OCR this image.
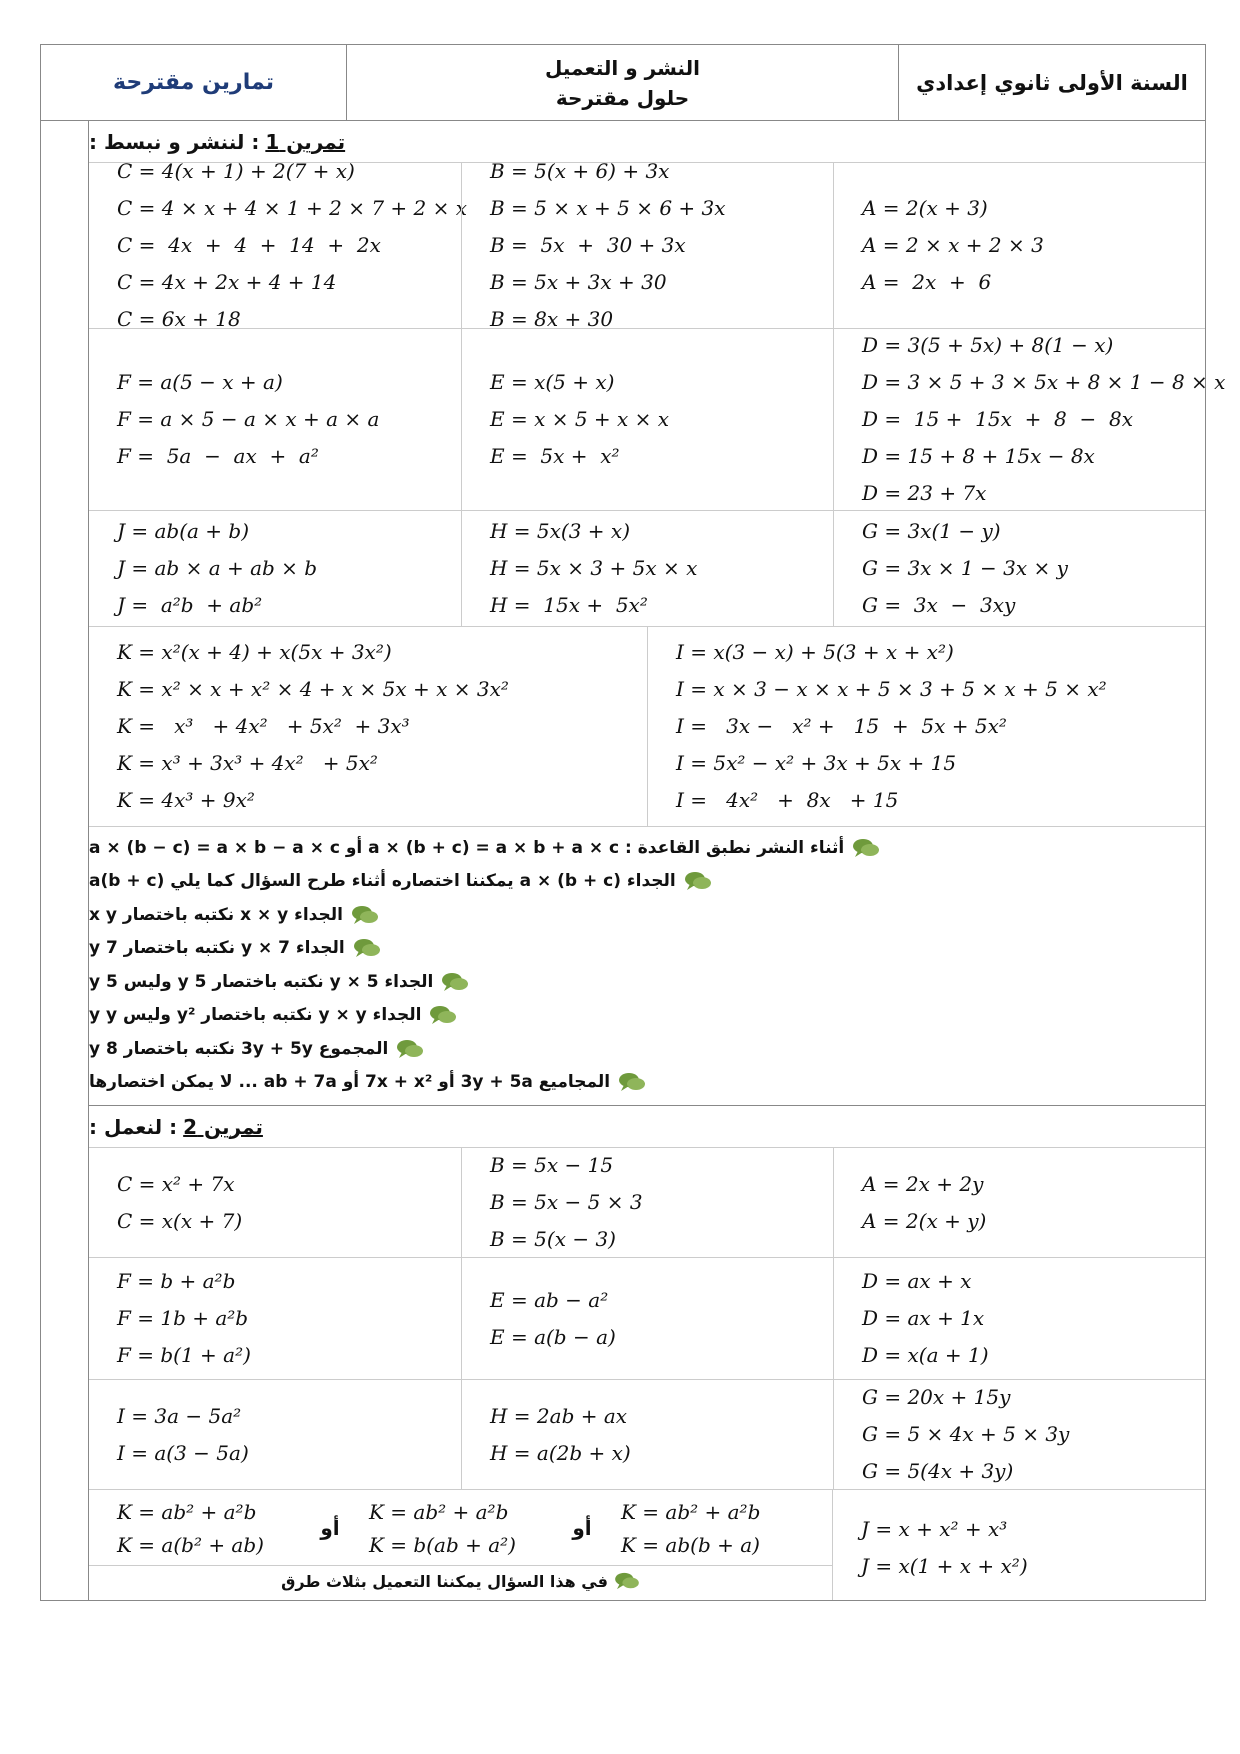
تمارين مقترحة
النشر و التعميل
حلول مقترحة
السنة الأولى ثانوي إعدادي
تمرين 1
: لننشر و نبسط :
C = 4(x + 1) + 2(7 + x)
C = 4 × x + 4 × 1 + 2 × 7 + 2 × x
C =  4x  +  4  +  14  +  2x
C = 4x + 2x + 4 + 14
C = 6x + 18
B = 5(x + 6) + 3x
B = 5 × x + 5 × 6 + 3x
B =  5x  +  30 + 3x
B = 5x + 3x + 30
B = 8x + 30
A = 2(x + 3)
A = 2 × x + 2 × 3
A =  2x  +  6
F = a(5 − x + a)
F = a × 5 − a × x + a × a
F =  5a  −  ax  +  a²
E = x(5 + x)
E = x × 5 + x × x
E =  5x +  x²
D = 3(5 + 5x) + 8(1 − x)
D = 3 × 5 + 3 × 5x + 8 × 1 − 8 × x
D =  15 +  15x  +  8  −  8x
D = 15 + 8 + 15x − 8x
D = 23 + 7x
J = ab(a + b)
J = ab × a + ab × b
J =  a²b  + ab²
H = 5x(3 + x)
H = 5x × 3 + 5x × x
H =  15x +  5x²
G = 3x(1 − y)
G = 3x × 1 − 3x × y
G =  3x  −  3xy
K = x²(x + 4) + x(5x + 3x²)
K = x² × x + x² × 4 + x × 5x + x × 3x²
K =   x³   + 4x²   + 5x²  + 3x³
K = x³ + 3x³ + 4x²   + 5x²
K = 4x³ + 9x²
I = x(3 − x) + 5(3 + x + x²)
I = x × 3 − x × x + 5 × 3 + 5 × x + 5 × x²
I =   3x −   x² +   15  +  5x + 5x²
I = 5x² − x² + 3x + 5x + 15
I =   4x²   +  8x   + 15
أثناء النشر نطبق القاعدة : a × (b + c) = a × b + a × c أو a × (b − c) = a × b − a × c
الجداء a × (b + c) يمكننا اختصاره أثناء طرح السؤال كما يلي a(b + c)
الجداء x × y نكتبه باختصار x y
الجداء 7 × y نكتبه باختصار 7 y
الجداء y × 5 نكتبه باختصار 5 y وليس y 5
الجداء y × y نكتبه باختصار y² وليس y y
المجموع 3y + 5y نكتبه باختصار 8 y
المجاميع 3y + 5a أو 7x + x² أو ab + 7a ... لا يمكن اختصارها
تمرين 2
: لنعمل :
C = x² + 7x
C = x(x + 7)
B = 5x − 15
B = 5x − 5 × 3
B = 5(x − 3)
A = 2x + 2y
A = 2(x + y)
F = b + a²b
F = 1b + a²b
F = b(1 + a²)
E = ab − a²
E = a(b − a)
D = ax + x
D = ax + 1x
D = x(a + 1)
I = 3a − 5a²
I = a(3 − 5a)
H = 2ab + ax
H = a(2b + x)
G = 20x + 15y
G = 5 × 4x + 5 × 3y
G = 5(4x + 3y)
K = ab² + a²b
K = a(b² + ab)
أو
K = ab² + a²b
K = b(ab + a²)
أو
K = ab² + a²b
K = ab(b + a)
في هذا السؤال يمكننا التعميل بثلاث طرق
J = x + x² + x³
J = x(1 + x + x²)
